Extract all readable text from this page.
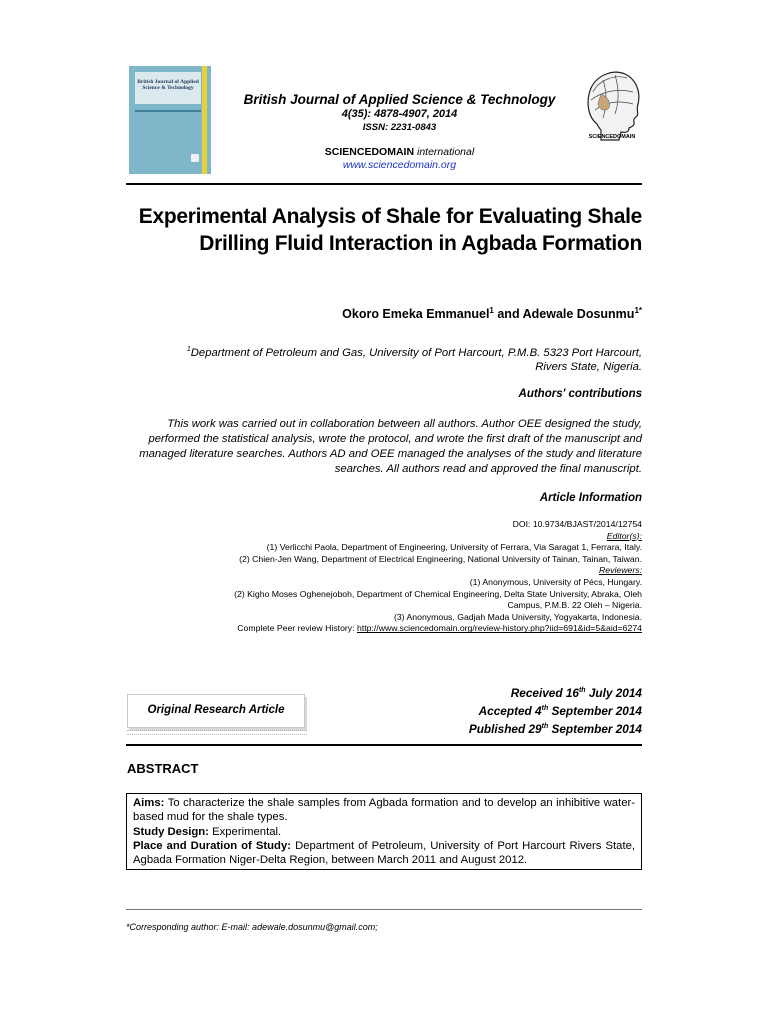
British Journal of Applied Science & Technology
British Journal of Applied Science & Technology
4(35): 4878-4907, 2014
ISSN: 2231-0843
SCIENCEDOMAIN international
www.sciencedomain.org
SCIENCEDOMAIN
Experimental Analysis of Shale for Evaluating Shale Drilling Fluid Interaction in Agbada Formation
Okoro Emeka Emmanuel$^1$ and Adewale Dosunmu$^{1*}$
$^1$Department of Petroleum and Gas, University of Port Harcourt, P.M.B. 5323 Port Harcourt,
Rivers State, Nigeria.
Authors' contributions
This work was carried out in collaboration between all authors. Author OEE designed the study, performed the statistical analysis, wrote the protocol, and wrote the first draft of the manuscript and managed literature searches. Authors AD and OEE managed the analyses of the study and literature searches. All authors read and approved the final manuscript.
Article Information
DOI: 10.9734/BJAST/2014/12754
Editor(s):
(1) Verlicchi Paola, Department of Engineering, University of Ferrara, Via Saragat 1, Ferrara, Italy.
(2) Chien-Jen Wang, Department of Electrical Engineering, National University of Tainan, Tainan, Taiwan.
Reviewers:
(1) Anonymous, University of Pécs, Hungary.
(2) Kigho Moses Oghenejoboh, Department of Chemical Engineering, Delta State University, Abraka, Oleh
Campus, P.M.B. 22 Oleh – Nigeria.
(3) Anonymous, Gadjah Mada University, Yogyakarta, Indonesia.
Complete Peer review History: http://www.sciencedomain.org/review-history.php?iid=691&id=5&aid=6274
Original Research Article
Received 16th July 2014
Accepted 4th September 2014
Published 29th September 2014
ABSTRACT
Aims: To characterize the shale samples from Agbada formation and to develop an inhibitive water-based mud for the shale types.
Study Design: Experimental.
Place and Duration of Study: Department of Petroleum, University of Port Harcourt Rivers State, Agbada Formation Niger-Delta Region, between March 2011 and August 2012.
*Corresponding author: E-mail: adewale.dosunmu@gmail.com;
